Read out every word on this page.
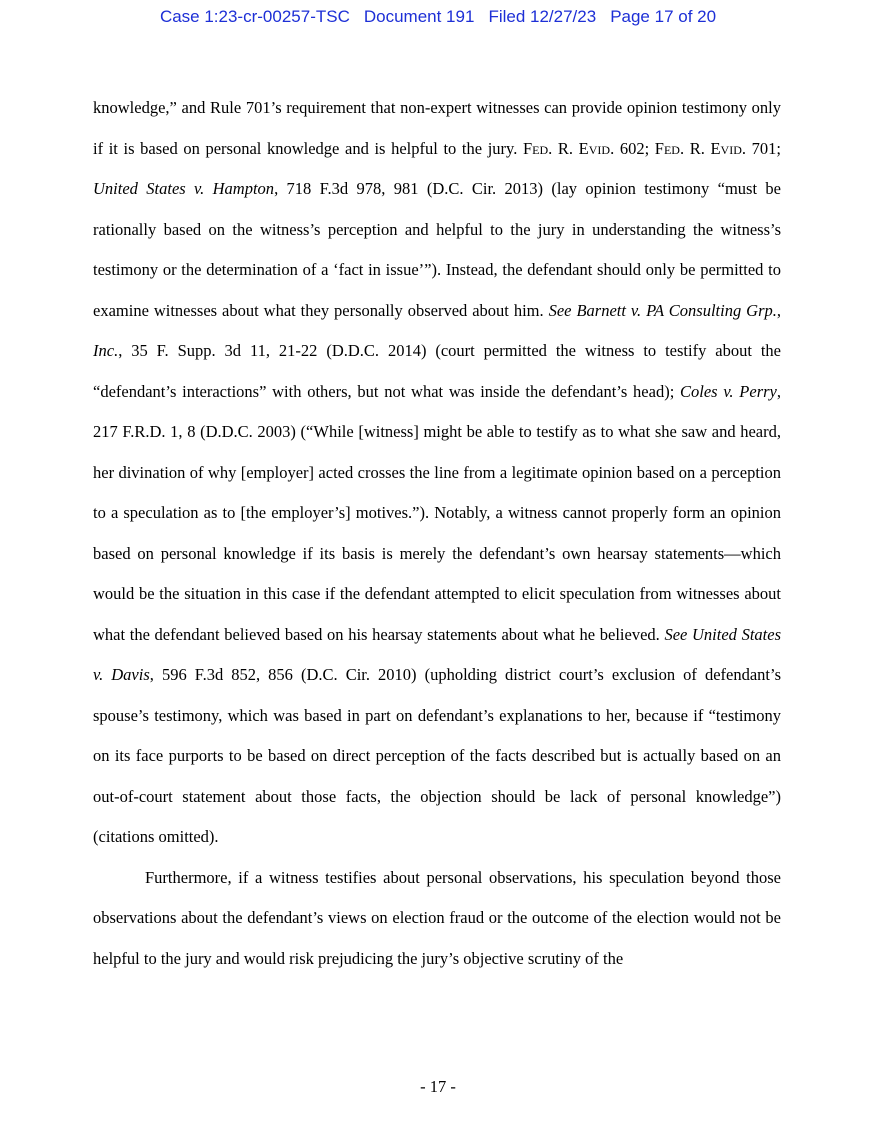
Case 1:23-cr-00257-TSC Document 191 Filed 12/27/23 Page 17 of 20

knowledge,” and Rule 701’s requirement that non-expert witnesses can provide opinion testimony only if it is based on personal knowledge and is helpful to the jury. Fed. R. Evid. 602; Fed. R. Evid. 701; United States v. Hampton, 718 F.3d 978, 981 (D.C. Cir. 2013) (lay opinion testimony “must be rationally based on the witness’s perception and helpful to the jury in understanding the witness’s testimony or the determination of a ‘fact in issue’”). Instead, the defendant should only be permitted to examine witnesses about what they personally observed about him. See Barnett v. PA Consulting Grp., Inc., 35 F. Supp. 3d 11, 21-22 (D.D.C. 2014) (court permitted the witness to testify about the “defendant’s interactions” with others, but not what was inside the defendant’s head); Coles v. Perry, 217 F.R.D. 1, 8 (D.D.C. 2003) (“While [witness] might be able to testify as to what she saw and heard, her divination of why [employer] acted crosses the line from a legitimate opinion based on a perception to a speculation as to [the employer’s] motives.”). Notably, a witness cannot properly form an opinion based on personal knowledge if its basis is merely the defendant’s own hearsay statements—which would be the situation in this case if the defendant attempted to elicit speculation from witnesses about what the defendant believed based on his hearsay statements about what he believed. See United States v. Davis, 596 F.3d 852, 856 (D.C. Cir. 2010) (upholding district court’s exclusion of defendant’s spouse’s testimony, which was based in part on defendant’s explanations to her, because if “testimony on its face purports to be based on direct perception of the facts described but is actually based on an out-of-court statement about those facts, the objection should be lack of personal knowledge”) (citations omitted).

Furthermore, if a witness testifies about personal observations, his speculation beyond those observations about the defendant’s views on election fraud or the outcome of the election would not be helpful to the jury and would risk prejudicing the jury’s objective scrutiny of the

- 17 -
